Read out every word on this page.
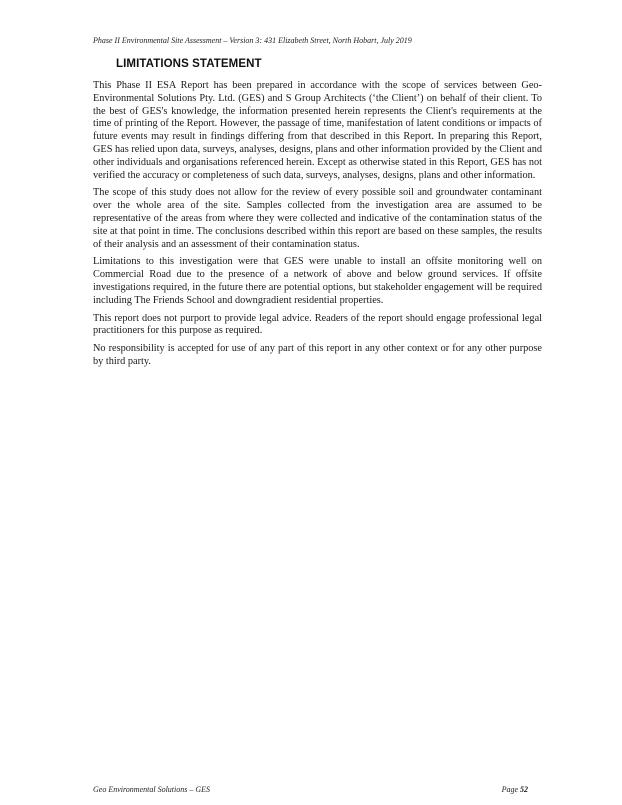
Phase II Environmental Site Assessment – Version 3: 431 Elizabeth Street, North Hobart, July 2019
LIMITATIONS STATEMENT

This Phase II ESA Report has been prepared in accordance with the scope of services between Geo-Environmental Solutions Pty. Ltd. (GES) and S Group Architects (‘the Client’) on behalf of their client. To the best of GES's knowledge, the information presented herein represents the Client's requirements at the time of printing of the Report. However, the passage of time, manifestation of latent conditions or impacts of future events may result in findings differing from that described in this Report. In preparing this Report, GES has relied upon data, surveys, analyses, designs, plans and other information provided by the Client and other individuals and organisations referenced herein. Except as otherwise stated in this Report, GES has not verified the accuracy or completeness of such data, surveys, analyses, designs, plans and other information.

The scope of this study does not allow for the review of every possible soil and groundwater contaminant over the whole area of the site. Samples collected from the investigation area are assumed to be representative of the areas from where they were collected and indicative of the contamination status of the site at that point in time. The conclusions described within this report are based on these samples, the results of their analysis and an assessment of their contamination status.

Limitations to this investigation were that GES were unable to install an offsite monitoring well on Commercial Road due to the presence of a network of above and below ground services. If offsite investigations required, in the future there are potential options, but stakeholder engagement will be required including The Friends School and downgradient residential properties.

This report does not purport to provide legal advice. Readers of the report should engage professional legal practitioners for this purpose as required.

No responsibility is accepted for use of any part of this report in any other context or for any other purpose by third party.

Geo Environmental Solutions – GES	Page 52
